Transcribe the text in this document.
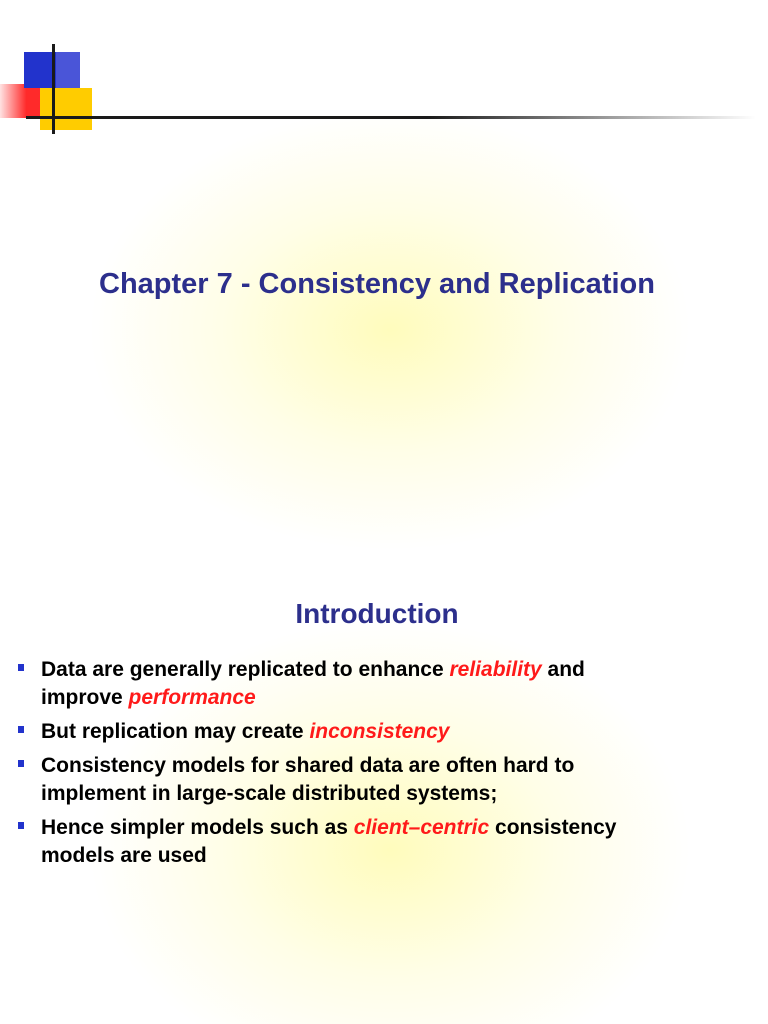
Chapter 7 - Consistency and Replication
Introduction
Data are generally replicated to enhance reliability and
improve performance
But replication may create inconsistency
Consistency models for shared data are often hard to
implement in large-scale distributed systems;
Hence simpler models such as client–centric consistency
models are used
